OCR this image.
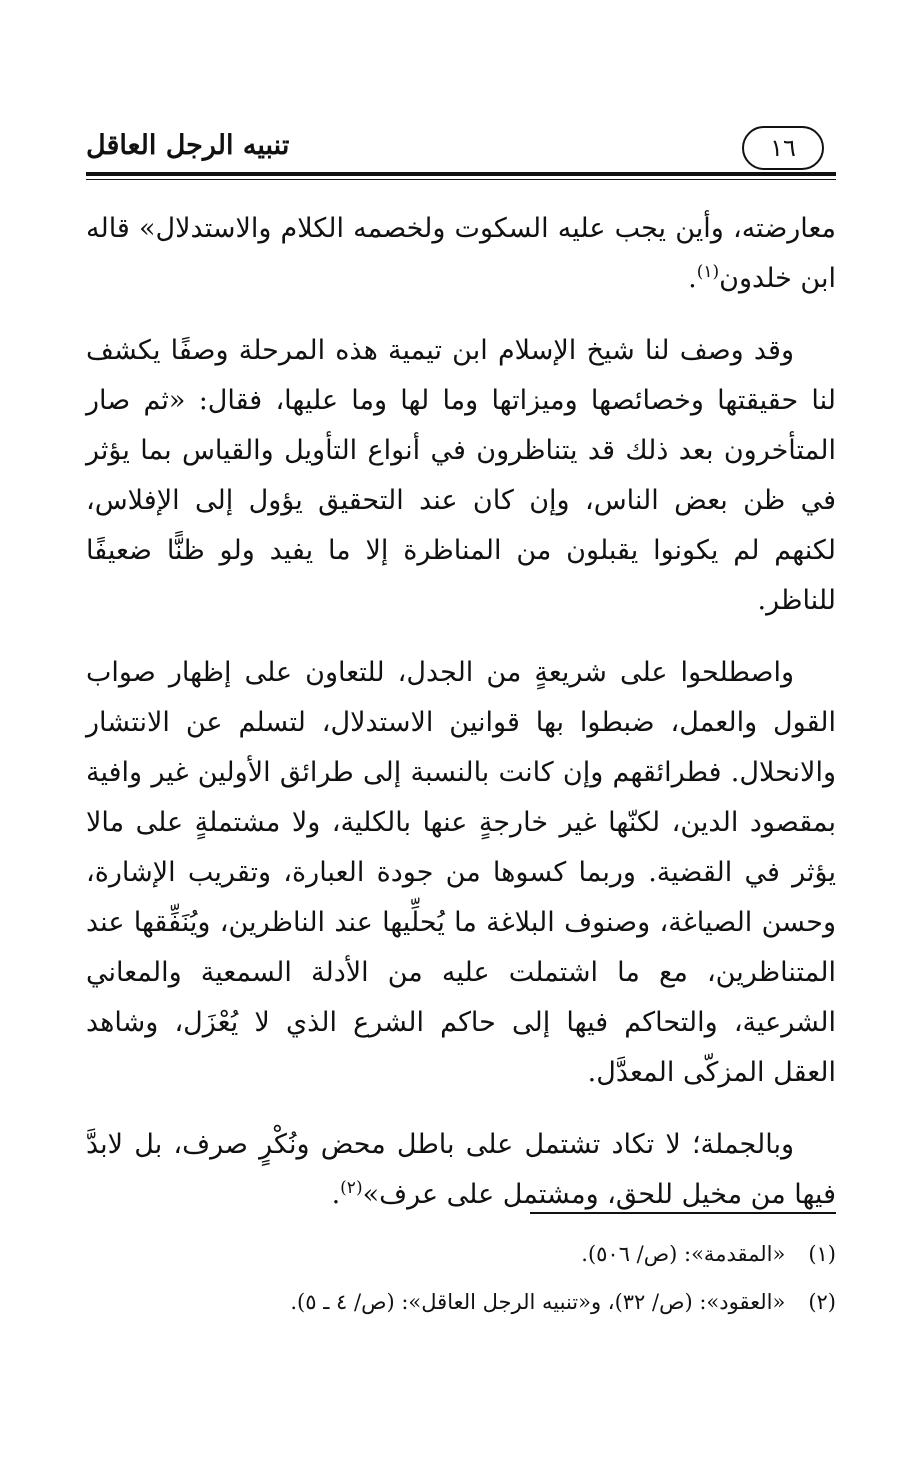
١٦
تنبيه الرجل العاقل

معارضته، وأين يجب عليه السكوت ولخصمه الكلام والاستدلال» قاله ابن خلدون$^{(١)}$.

وقد وصف لنا شيخ الإسلام ابن تيمية هذه المرحلة وصفًا يكشف لنا حقيقتها وخصائصها وميزاتها وما لها وما عليها، فقال: «ثم صار المتأخرون بعد ذلك قد يتناظرون في أنواع التأويل والقياس بما يؤثر في ظن بعض الناس، وإن كان عند التحقيق يؤول إلى الإفلاس، لكنهم لم يكونوا يقبلون من المناظرة إلا ما يفيد ولو ظنًّا ضعيفًا للناظر.

واصطلحوا على شريعةٍ من الجدل، للتعاون على إظهار صواب القول والعمل، ضبطوا بها قوانين الاستدلال، لتسلم عن الانتشار والانحلال. فطرائقهم وإن كانت بالنسبة إلى طرائق الأولين غير وافية بمقصود الدين، لكنّها غير خارجةٍ عنها بالكلية، ولا مشتملةٍ على مالا يؤثر في القضية. وربما كسوها من جودة العبارة، وتقريب الإشارة، وحسن الصياغة، وصنوف البلاغة ما يُحلِّيها عند الناظرين، ويُنَفِّقها عند المتناظرين، مع ما اشتملت عليه من الأدلة السمعية والمعاني الشرعية، والتحاكم فيها إلى حاكم الشرع الذي لا يُعْزَل، وشاهد العقل المزكّى المعدَّل.

وبالجملة؛ لا تكاد تشتمل على باطل محض ونُكْرٍ صرف، بل لابدَّ فيها من مخيل للحق، ومشتمل على عرف»$^{(٢)}$.

(١) «المقدمة»: (ص/ ٥٠٦).
(٢) «العقود»: (ص/ ٣٢)، و«تنبيه الرجل العاقل»: (ص/ ٤ ـ ٥).
